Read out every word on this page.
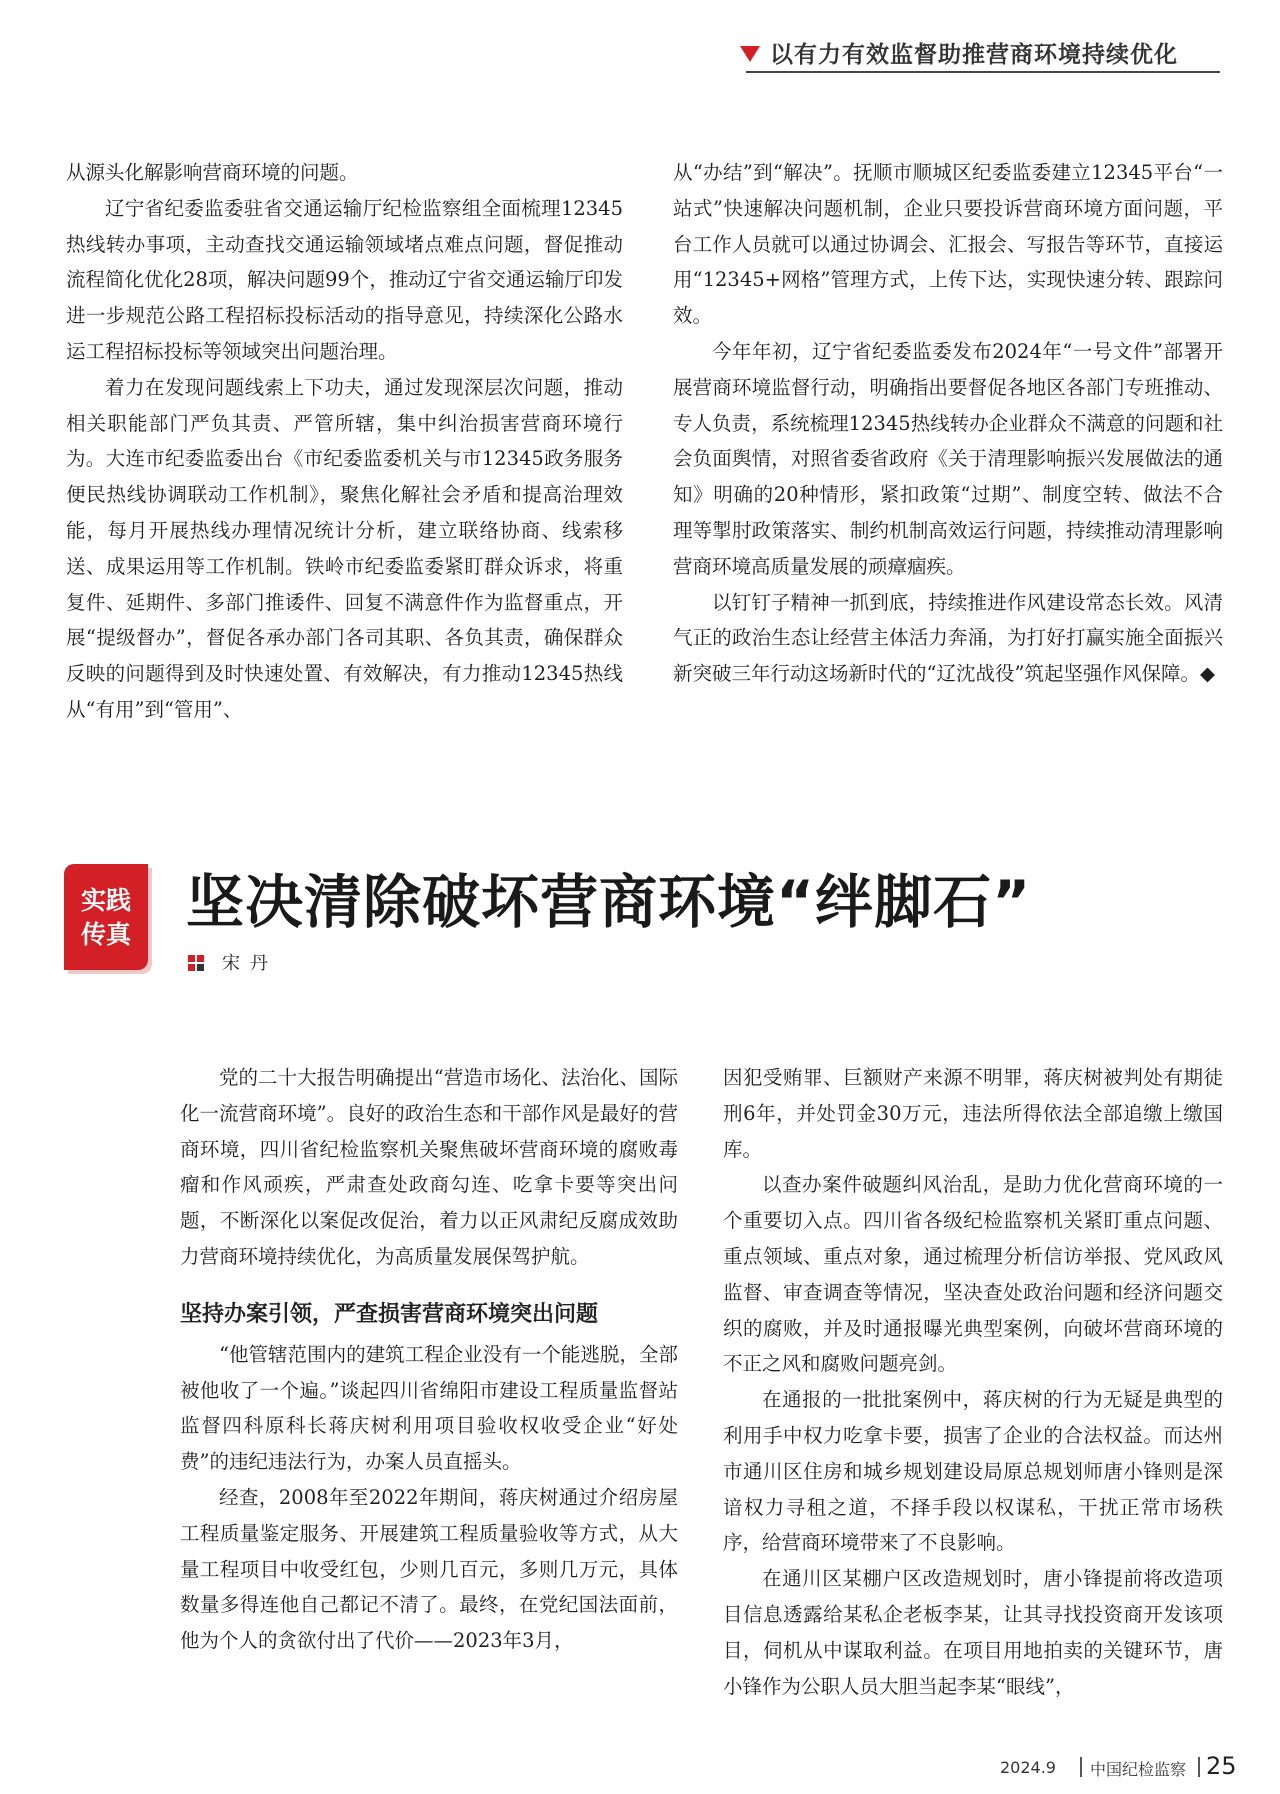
以有力有效监督助推营商环境持续优化

从源头化解影响营商环境的问题。

辽宁省纪委监委驻省交通运输厅纪检监察组全面梳理12345热线转办事项，主动查找交通运输领域堵点难点问题，督促推动流程简化优化28项，解决问题99个，推动辽宁省交通运输厅印发进一步规范公路工程招标投标活动的指导意见，持续深化公路水运工程招标投标等领域突出问题治理。

着力在发现问题线索上下功夫，通过发现深层次问题，推动相关职能部门严负其责、严管所辖，集中纠治损害营商环境行为。大连市纪委监委出台《市纪委监委机关与市12345政务服务便民热线协调联动工作机制》，聚焦化解社会矛盾和提高治理效能，每月开展热线办理情况统计分析，建立联络协商、线索移送、成果运用等工作机制。铁岭市纪委监委紧盯群众诉求，将重复件、延期件、多部门推诿件、回复不满意件作为监督重点，开展“提级督办”，督促各承办部门各司其职、各负其责，确保群众反映的问题得到及时快速处置、有效解决，有力推动12345热线从“有用”到“管用”、

从“办结”到“解决”。抚顺市顺城区纪委监委建立12345平台“一站式”快速解决问题机制，企业只要投诉营商环境方面问题，平台工作人员就可以通过协调会、汇报会、写报告等环节，直接运用“12345+网格”管理方式，上传下达，实现快速分转、跟踪问效。

今年年初，辽宁省纪委监委发布2024年“一号文件”部署开展营商环境监督行动，明确指出要督促各地区各部门专班推动、专人负责，系统梳理12345热线转办企业群众不满意的问题和社会负面舆情，对照省委省政府《关于清理影响振兴发展做法的通知》明确的20种情形，紧扣政策“过期”、制度空转、做法不合理等掣肘政策落实、制约机制高效运行问题，持续推动清理影响营商环境高质量发展的顽瘴痼疾。

以钉钉子精神一抓到底，持续推进作风建设常态长效。风清气正的政治生态让经营主体活力奔涌，为打好打赢实施全面振兴新突破三年行动这场新时代的“辽沈战役”筑起坚强作风保障。◆

实践
传真 坚决清除破坏营商环境“绊脚石”
宋丹

党的二十大报告明确提出“营造市场化、法治化、国际化一流营商环境”。良好的政治生态和干部作风是最好的营商环境，四川省纪检监察机关聚焦破坏营商环境的腐败毒瘤和作风顽疾，严肃查处政商勾连、吃拿卡要等突出问题，不断深化以案促改促治，着力以正风肃纪反腐成效助力营商环境持续优化，为高质量发展保驾护航。

坚持办案引领，严查损害营商环境突出问题

“他管辖范围内的建筑工程企业没有一个能逃脱，全部被他收了一个遍。”谈起四川省绵阳市建设工程质量监督站监督四科原科长蒋庆树利用项目验收权收受企业“好处费”的违纪违法行为，办案人员直摇头。

经查，2008年至2022年期间，蒋庆树通过介绍房屋工程质量鉴定服务、开展建筑工程质量验收等方式，从大量工程项目中收受红包，少则几百元，多则几万元，具体数量多得连他自己都记不清了。最终，在党纪国法面前，他为个人的贪欲付出了代价——2023年3月，

因犯受贿罪、巨额财产来源不明罪，蒋庆树被判处有期徒刑6年，并处罚金30万元，违法所得依法全部追缴上缴国库。

以查办案件破题纠风治乱，是助力优化营商环境的一个重要切入点。四川省各级纪检监察机关紧盯重点问题、重点领域、重点对象，通过梳理分析信访举报、党风政风监督、审查调查等情况，坚决查处政治问题和经济问题交织的腐败，并及时通报曝光典型案例，向破坏营商环境的不正之风和腐败问题亮剑。

在通报的一批批案例中，蒋庆树的行为无疑是典型的利用手中权力吃拿卡要，损害了企业的合法权益。而达州市通川区住房和城乡规划建设局原总规划师唐小锋则是深谙权力寻租之道，不择手段以权谋私，干扰正常市场秩序，给营商环境带来了不良影响。

在通川区某棚户区改造规划时，唐小锋提前将改造项目信息透露给某私企老板李某，让其寻找投资商开发该项目，伺机从中谋取利益。在项目用地拍卖的关键环节，唐小锋作为公职人员大胆当起李某“眼线”，

2024.9 中国纪检监察 25
